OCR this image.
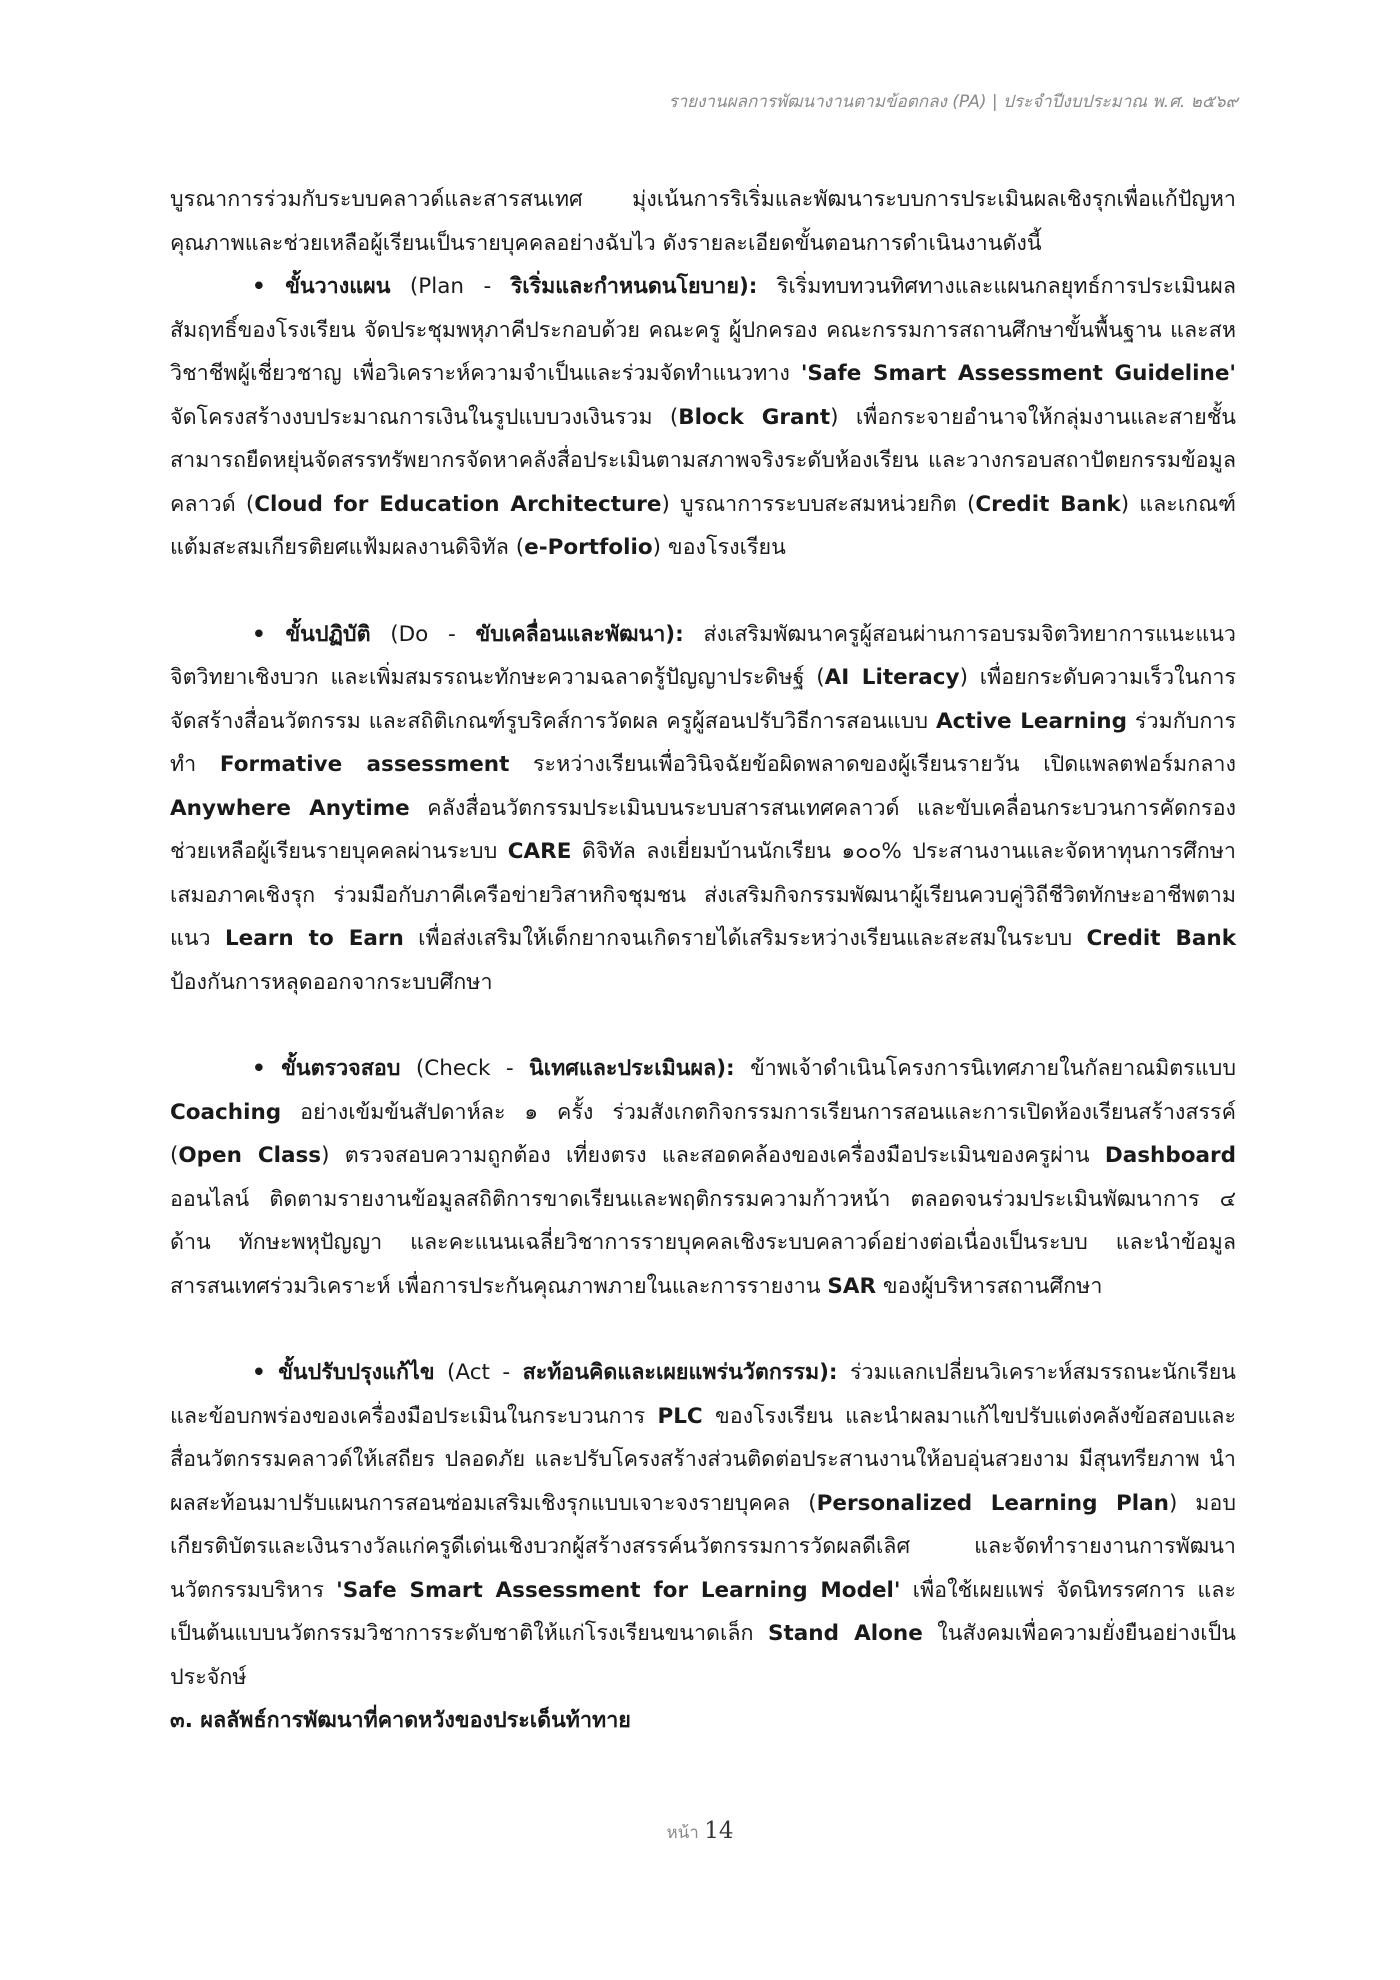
รายงานผลการพัฒนางานตามข้อตกลง (PA) | ประจำปีงบประมาณ พ.ศ. ๒๕๖๙

บูรณาการร่วมกับระบบคลาวด์และสารสนเทศ มุ่งเน้นการริเริ่มและพัฒนาระบบการประเมินผลเชิงรุกเพื่อแก้ปัญหาคุณภาพและช่วยเหลือผู้เรียนเป็นรายบุคคลอย่างฉับไว ดังรายละเอียดขั้นตอนการดำเนินงานดังนี้

• ขั้นวางแผน (Plan - ริเริ่มและกำหนดนโยบาย): ริเริ่มทบทวนทิศทางและแผนกลยุทธ์การประเมินผลสัมฤทธิ์ของโรงเรียน จัดประชุมพหุภาคีประกอบด้วย คณะครู ผู้ปกครอง คณะกรรมการสถานศึกษาขั้นพื้นฐาน และสหวิชาชีพผู้เชี่ยวชาญ เพื่อวิเคราะห์ความจำเป็นและร่วมจัดทำแนวทาง 'Safe Smart Assessment Guideline' จัดโครงสร้างงบประมาณการเงินในรูปแบบวงเงินรวม (Block Grant) เพื่อกระจายอำนาจให้กลุ่มงานและสายชั้น สามารถยืดหยุ่นจัดสรรทรัพยากรจัดหาคลังสื่อประเมินตามสภาพจริงระดับห้องเรียน และวางกรอบสถาปัตยกรรมข้อมูลคลาวด์ (Cloud for Education Architecture) บูรณาการระบบสะสมหน่วยกิต (Credit Bank) และเกณฑ์แต้มสะสมเกียรติยศแฟ้มผลงานดิจิทัล (e-Portfolio) ของโรงเรียน

• ขั้นปฏิบัติ (Do - ขับเคลื่อนและพัฒนา): ส่งเสริมพัฒนาครูผู้สอนผ่านการอบรมจิตวิทยาการแนะแนว จิตวิทยาเชิงบวก และเพิ่มสมรรถนะทักษะความฉลาดรู้ปัญญาประดิษฐ์ (AI Literacy) เพื่อยกระดับความเร็วในการจัดสร้างสื่อนวัตกรรม และสถิติเกณฑ์รูบริคส์การวัดผล ครูผู้สอนปรับวิธีการสอนแบบ Active Learning ร่วมกับการทำ Formative assessment ระหว่างเรียนเพื่อวินิจฉัยข้อผิดพลาดของผู้เรียนรายวัน เปิดแพลตฟอร์มกลาง Anywhere Anytime คลังสื่อนวัตกรรมประเมินบนระบบสารสนเทศคลาวด์ และขับเคลื่อนกระบวนการคัดกรองช่วยเหลือผู้เรียนรายบุคคลผ่านระบบ CARE ดิจิทัล ลงเยี่ยมบ้านนักเรียน ๑๐๐% ประสานงานและจัดหาทุนการศึกษาเสมอภาคเชิงรุก ร่วมมือกับภาคีเครือข่ายวิสาหกิจชุมชน ส่งเสริมกิจกรรมพัฒนาผู้เรียนควบคู่วิถีชีวิตทักษะอาชีพตามแนว Learn to Earn เพื่อส่งเสริมให้เด็กยากจนเกิดรายได้เสริมระหว่างเรียนและสะสมในระบบ Credit Bank ป้องกันการหลุดออกจากระบบศึกษา

• ขั้นตรวจสอบ (Check - นิเทศและประเมินผล): ข้าพเจ้าดำเนินโครงการนิเทศภายในกัลยาณมิตรแบบ Coaching อย่างเข้มข้นสัปดาห์ละ ๑ ครั้ง ร่วมสังเกตกิจกรรมการเรียนการสอนและการเปิดห้องเรียนสร้างสรรค์ (Open Class) ตรวจสอบความถูกต้อง เที่ยงตรง และสอดคล้องของเครื่องมือประเมินของครูผ่าน Dashboard ออนไลน์ ติดตามรายงานข้อมูลสถิติการขาดเรียนและพฤติกรรมความก้าวหน้า ตลอดจนร่วมประเมินพัฒนาการ ๔ ด้าน ทักษะพหุปัญญา และคะแนนเฉลี่ยวิชาการรายบุคคลเชิงระบบคลาวด์อย่างต่อเนื่องเป็นระบบ และนำข้อมูลสารสนเทศร่วมวิเคราะห์ เพื่อการประกันคุณภาพภายในและการรายงาน SAR ของผู้บริหารสถานศึกษา

• ขั้นปรับปรุงแก้ไข (Act - สะท้อนคิดและเผยแพร่นวัตกรรม): ร่วมแลกเปลี่ยนวิเคราะห์สมรรถนะนักเรียนและข้อบกพร่องของเครื่องมือประเมินในกระบวนการ PLC ของโรงเรียน และนำผลมาแก้ไขปรับแต่งคลังข้อสอบและสื่อนวัตกรรมคลาวด์ให้เสถียร ปลอดภัย และปรับโครงสร้างส่วนติดต่อประสานงานให้อบอุ่นสวยงาม มีสุนทรียภาพ นำผลสะท้อนมาปรับแผนการสอนซ่อมเสริมเชิงรุกแบบเจาะจงรายบุคคล (Personalized Learning Plan) มอบเกียรติบัตรและเงินรางวัลแก่ครูดีเด่นเชิงบวกผู้สร้างสรรค์นวัตกรรมการวัดผลดีเลิศ และจัดทำรายงานการพัฒนานวัตกรรมบริหาร 'Safe Smart Assessment for Learning Model' เพื่อใช้เผยแพร่ จัดนิทรรศการ และเป็นต้นแบบนวัตกรรมวิชาการระดับชาติให้แก่โรงเรียนขนาดเล็ก Stand Alone ในสังคมเพื่อความยั่งยืนอย่างเป็นประจักษ์

๓. ผลลัพธ์การพัฒนาที่คาดหวังของประเด็นท้าทาย

หน้า 14
